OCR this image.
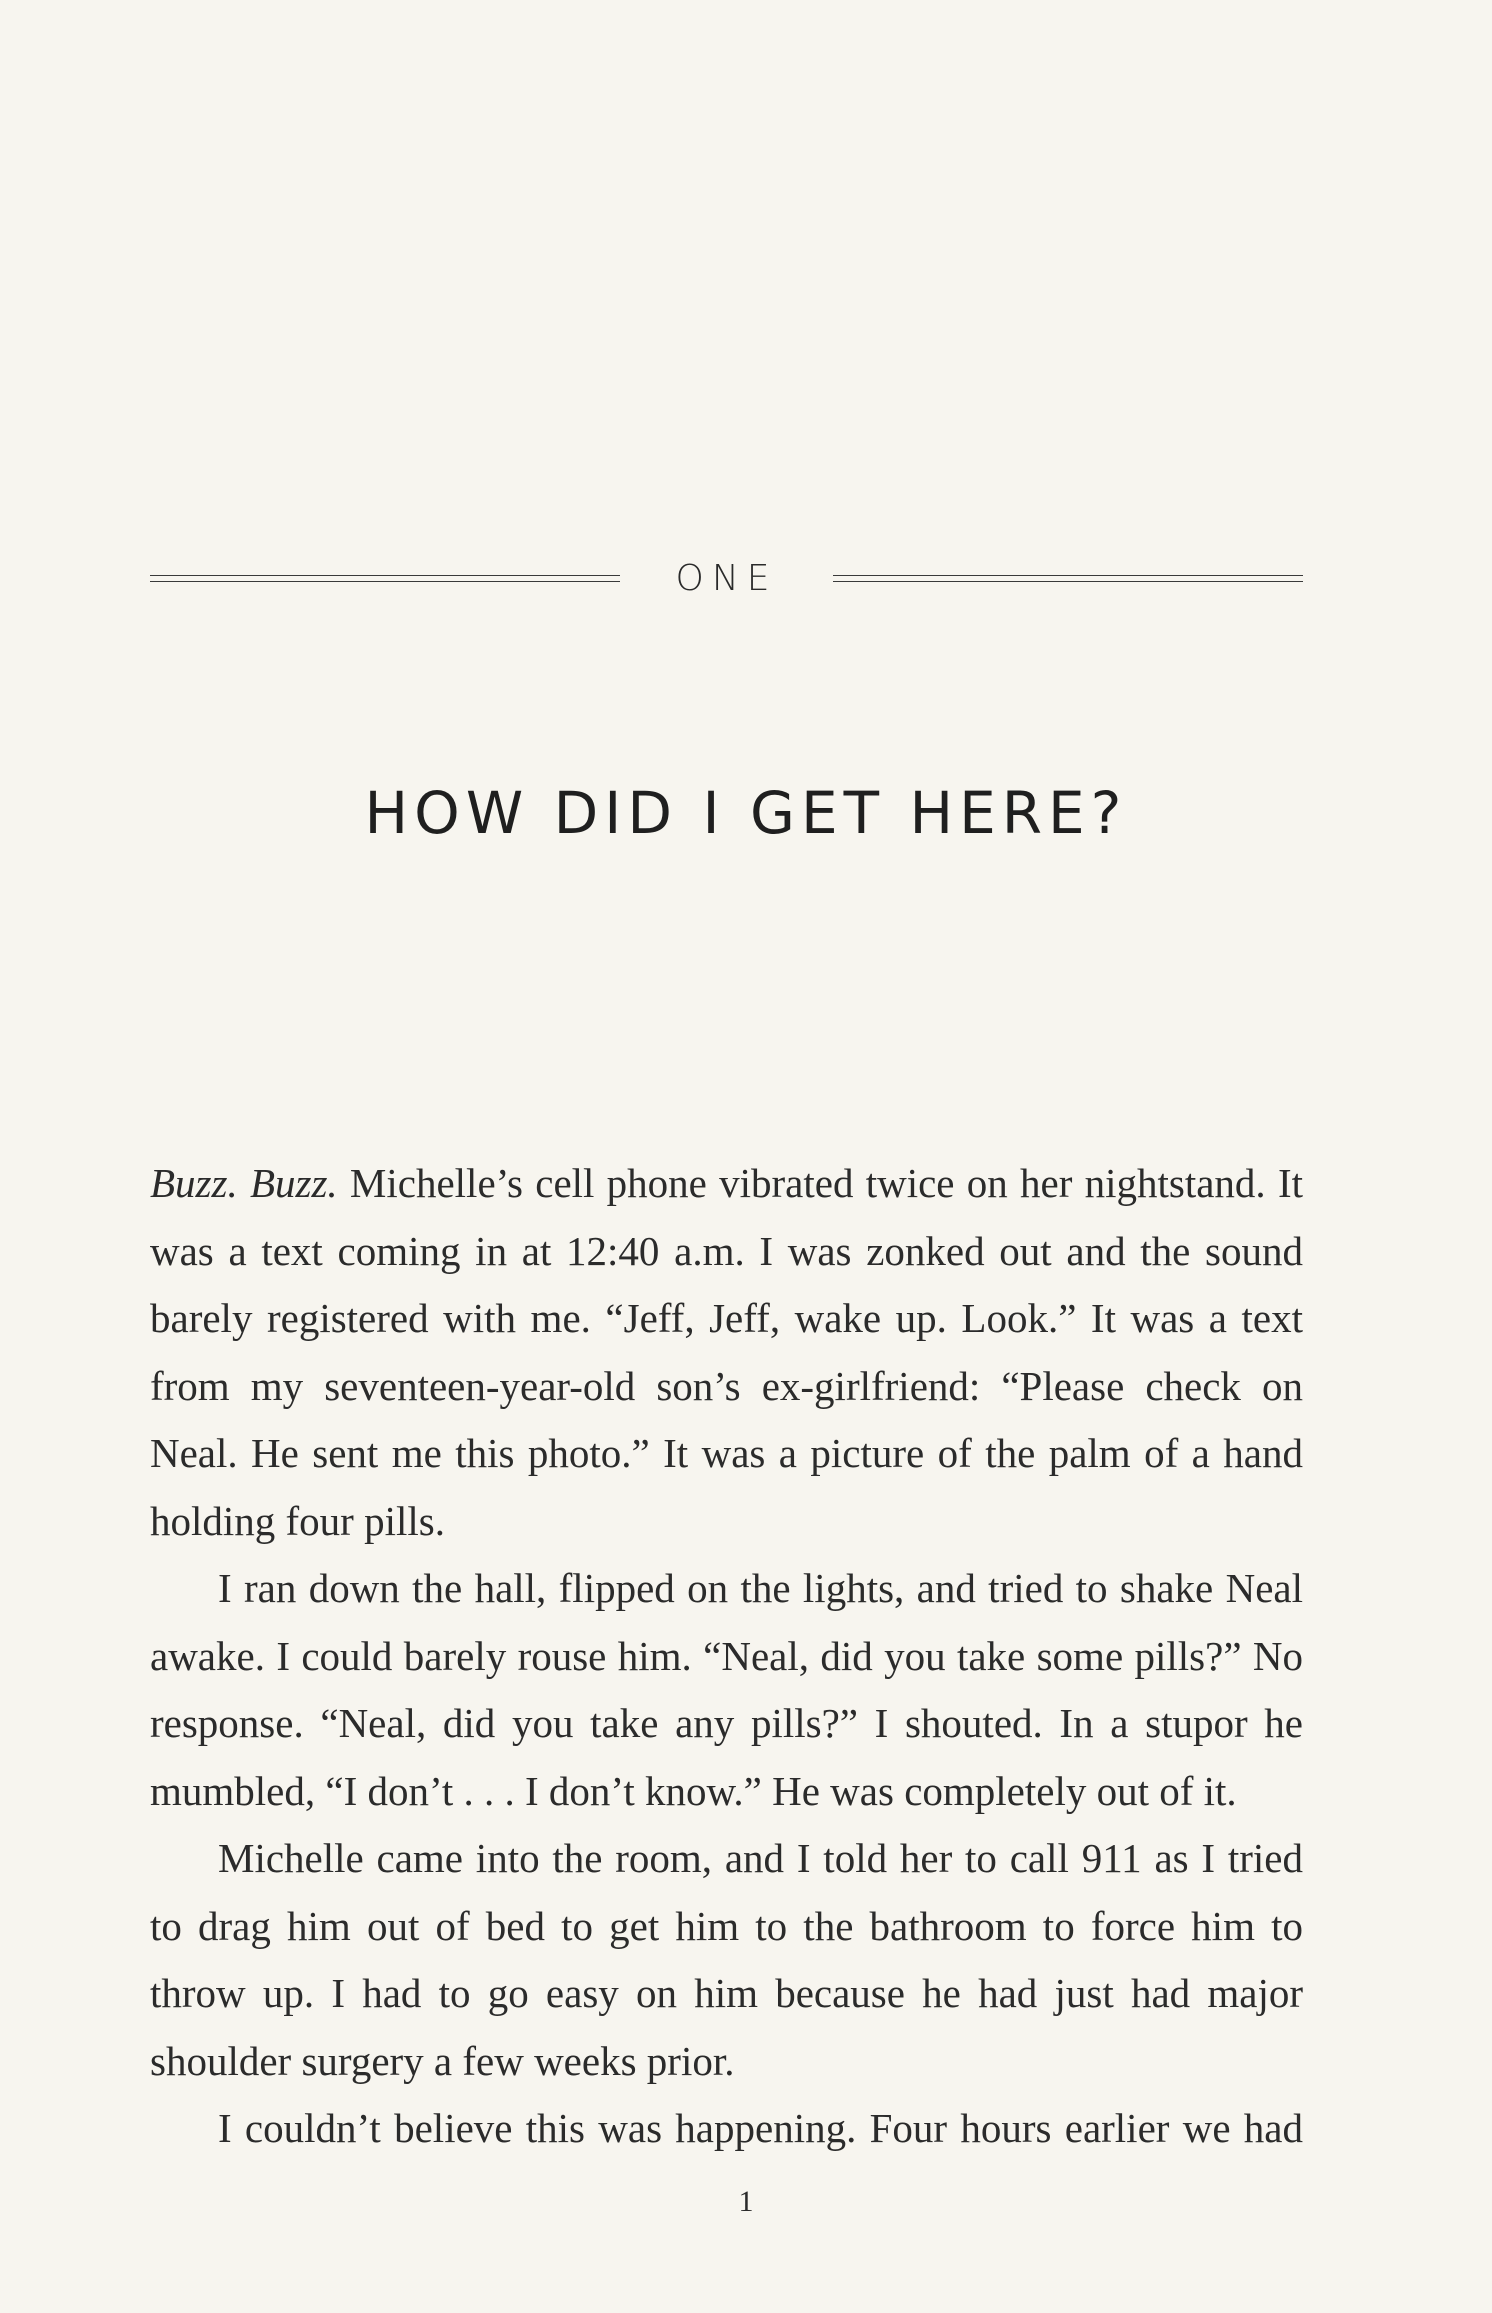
ONE
HOW DID I GET HERE?

Buzz. Buzz. Michelle’s cell phone vibrated twice on her nightstand. It was a text coming in at 12:40 a.m. I was zonked out and the sound barely registered with me. “Jeff, Jeff, wake up. Look.” It was a text from my seventeen-year-old son’s ex-girlfriend: “Please check on Neal. He sent me this photo.” It was a picture of the palm of a hand holding four pills.

I ran down the hall, flipped on the lights, and tried to shake Neal awake. I could barely rouse him. “Neal, did you take some pills?” No response. “Neal, did you take any pills?” I shouted. In a stupor he mumbled, “I don’t . . . I don’t know.” He was completely out of it.

Michelle came into the room, and I told her to call 911 as I tried to drag him out of bed to get him to the bathroom to force him to throw up. I had to go easy on him because he had just had major shoulder surgery a few weeks prior.

I couldn’t believe this was happening. Four hours earlier we had

1
